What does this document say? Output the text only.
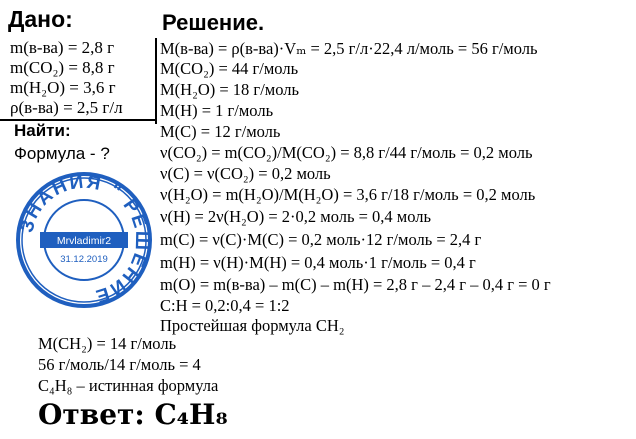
Дано:
m(в-ва) = 2,8 г
m(CO₂) = 8,8 г
m(H₂O) = 3,6 г
ρ(в-ва) = 2,5 г/л
Найти:
Формула - ?
ЗНАНИЯ " РЕШЕНИЕ
Mrvladimir2
31.12.2019
Решение.
M(в-ва) = ρ(в-ва)·Vₘ = 2,5 г/л·22,4 л/моль = 56 г/моль
M(CO₂) = 44 г/моль
M(H₂O) = 18 г/моль
M(H) = 1 г/моль
M(C) = 12 г/моль
ν(CO₂) = m(CO₂)/M(CO₂) = 8,8 г/44 г/моль = 0,2 моль
ν(C) = ν(CO₂) = 0,2 моль
ν(H₂O) = m(H₂O)/M(H₂O) = 3,6 г/18 г/моль = 0,2 моль
ν(H) = 2ν(H₂O) = 2·0,2 моль = 0,4 моль
m(C) = ν(C)·M(C) = 0,2 моль·12 г/моль = 2,4 г
m(H) = ν(H)·M(H) = 0,4 моль·1 г/моль = 0,4 г
m(O) = m(в-ва) – m(C) – m(H) = 2,8 г – 2,4 г – 0,4 г = 0 г
C:H = 0,2:0,4 = 1:2
Простейшая формула CH₂
M(CH₂) = 14 г/моль
56 г/моль/14 г/моль = 4
C₄H₈ – истинная формула
Ответ: C₄H₈
